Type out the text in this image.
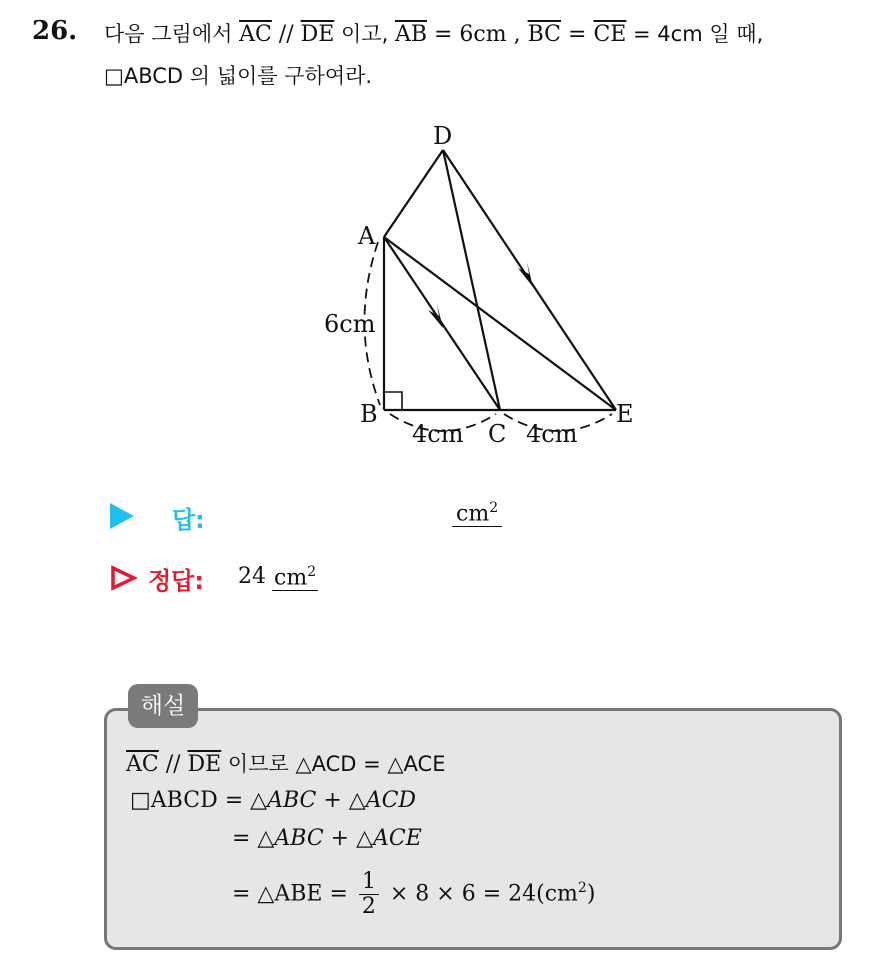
26. 다음 그림에서 $\overline{AC} // \overline{DE}$ 이고, $\overline{AB} = 6cm$ , $\overline{BC} = \overline{CE} = 4cm$ 일 때,
□ABCD 의 넓이를 구하여라.
D
A
B
C
E
6cm
4cm	4cm
답:	$cm^2$
정답: 24 $cm^2$
해설
$\overline{AC} // \overline{DE}$ 이므로 △ACD = △ACE
□ABCD = △ABC + △ACD
= △ABC + △ACE
= △ABE = $\frac{1}{2} \times 8 \times 6 = 24(cm^2)$
